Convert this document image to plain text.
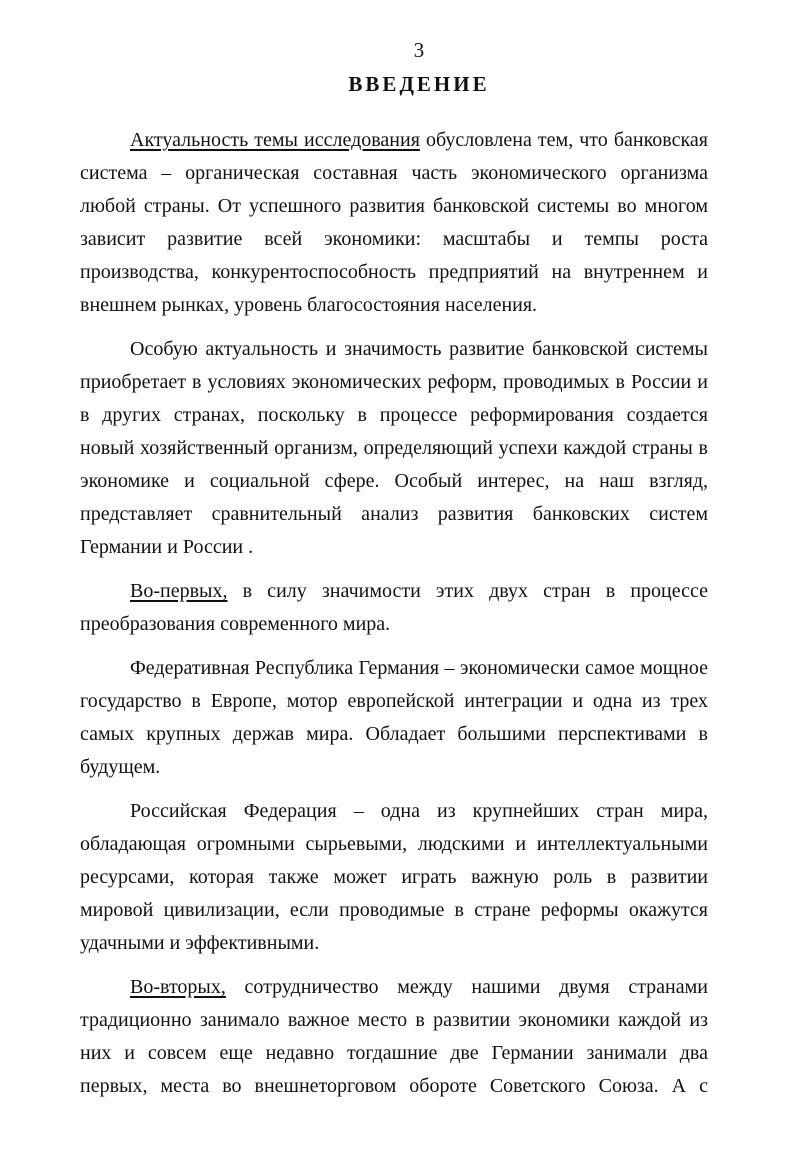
3
ВВЕДЕНИЕ

Актуальность темы исследования обусловлена тем, что банковская система – органическая составная часть экономического организма любой страны. От успешного развития банковской системы во многом зависит развитие всей экономики: масштабы и темпы роста производства, конкурентоспособность предприятий на внутреннем и внешнем рынках, уровень благосостояния населения.

Особую актуальность и значимость развитие банковской системы приобретает в условиях экономических реформ, проводимых в России и в других странах, поскольку в процессе реформирования создается новый хозяйственный организм, определяющий успехи каждой страны в экономике и социальной сфере. Особый интерес, на наш взгляд, представляет сравнительный анализ развития банковских систем Германии и России .

Во-первых, в силу значимости этих двух стран в процессе преобразования современного мира.

Федеративная Республика Германия – экономически самое мощное государство в Европе, мотор европейской интеграции и одна из трех самых крупных держав мира. Обладает большими перспективами в будущем.

Российская Федерация – одна из крупнейших стран мира, обладающая огромными сырьевыми, людскими и интеллектуальными ресурсами, которая также может играть важную роль в развитии мировой цивилизации, если проводимые в стране реформы окажутся удачными и эффективными.

Во-вторых, сотрудничество между нашими двумя странами традиционно занимало важное место в развитии экономики каждой из них и совсем еще недавно тогдашние две Германии занимали два первых, места во внешнеторговом обороте Советского Союза. А с
